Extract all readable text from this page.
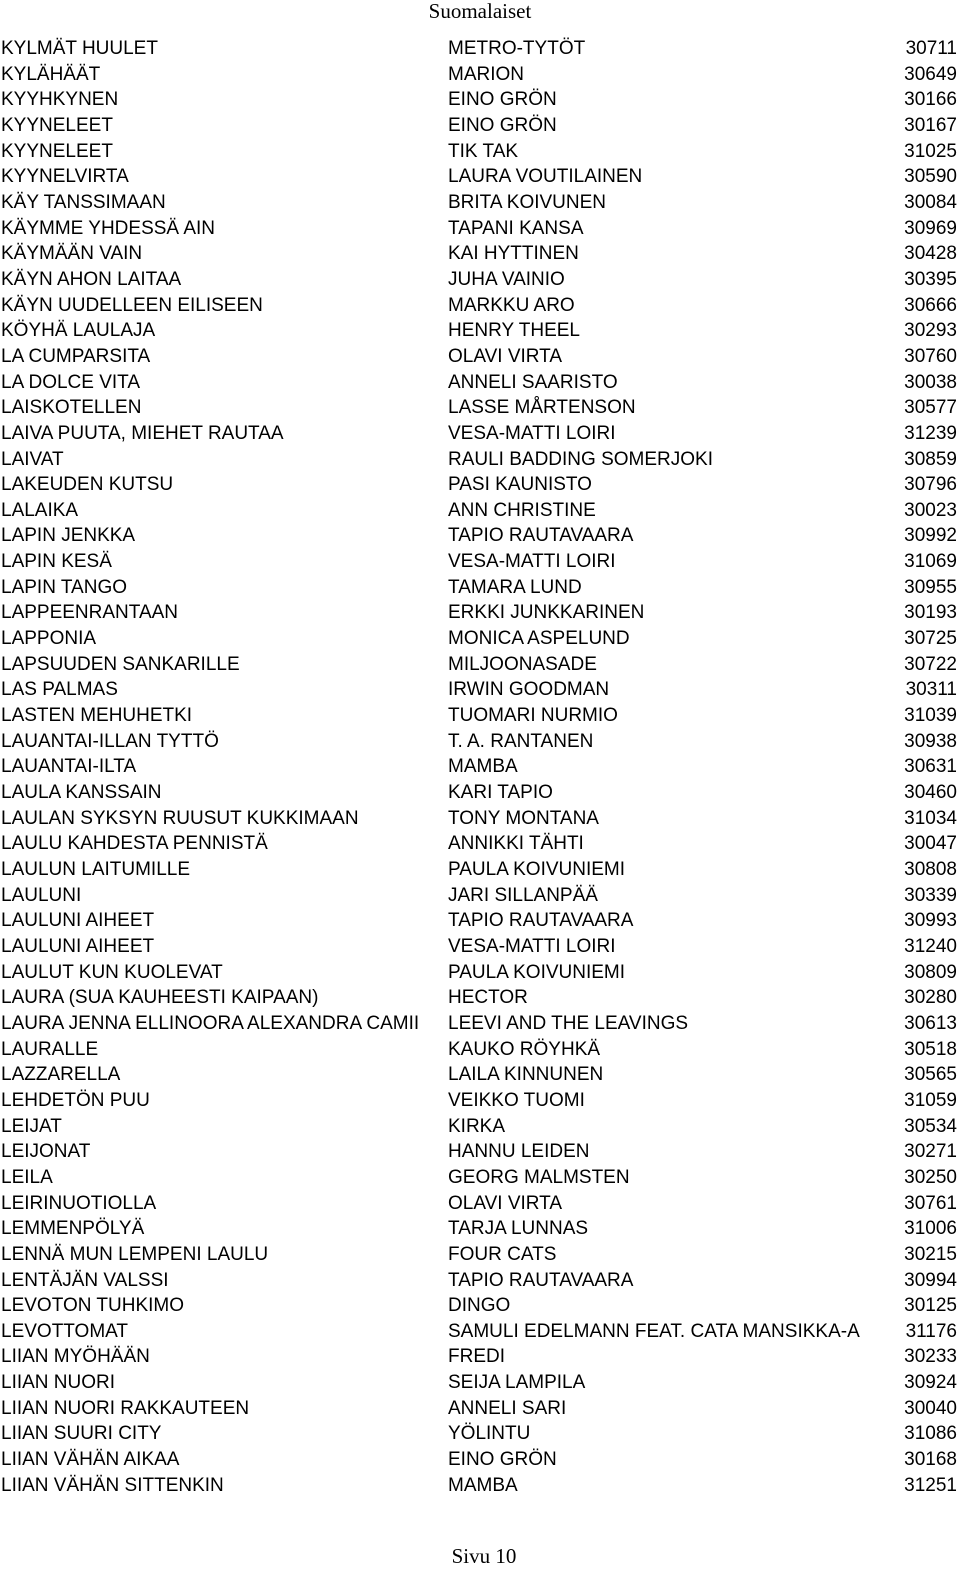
Suomalaiset
KYLMÄT HUULET	METRO-TYTÖT	30711
KYLÄHÄÄT	MARION	30649
KYYHKYNEN	EINO GRÖN	30166
KYYNELEET	EINO GRÖN	30167
KYYNELEET	TIK TAK	31025
KYYNELVIRTA	LAURA VOUTILAINEN	30590
KÄY TANSSIMAAN	BRITA KOIVUNEN	30084
KÄYMME YHDESSÄ AIN	TAPANI KANSA	30969
KÄYMÄÄN VAIN	KAI HYTTINEN	30428
KÄYN AHON LAITAA	JUHA VAINIO	30395
KÄYN UUDELLEEN EILISEEN	MARKKU ARO	30666
KÖYHÄ LAULAJA	HENRY THEEL	30293
LA CUMPARSITA	OLAVI VIRTA	30760
LA DOLCE VITA	ANNELI SAARISTO	30038
LAISKOTELLEN	LASSE MÅRTENSON	30577
LAIVA PUUTA, MIEHET RAUTAA	VESA-MATTI LOIRI	31239
LAIVAT	RAULI BADDING SOMERJOKI	30859
LAKEUDEN KUTSU	PASI KAUNISTO	30796
LALAIKA	ANN CHRISTINE	30023
LAPIN JENKKA	TAPIO RAUTAVAARA	30992
LAPIN KESÄ	VESA-MATTI LOIRI	31069
LAPIN TANGO	TAMARA LUND	30955
LAPPEENRANTAAN	ERKKI JUNKKARINEN	30193
LAPPONIA	MONICA ASPELUND	30725
LAPSUUDEN SANKARILLE	MILJOONASADE	30722
LAS PALMAS	IRWIN GOODMAN	30311
LASTEN MEHUHETKI	TUOMARI NURMIO	31039
LAUANTAI-ILLAN TYTTÖ	T. A. RANTANEN	30938
LAUANTAI-ILTA	MAMBA	30631
LAULA KANSSAIN	KARI TAPIO	30460
LAULAN SYKSYN RUUSUT KUKKIMAAN	TONY MONTANA	31034
LAULU KAHDESTA PENNISTÄ	ANNIKKI TÄHTI	30047
LAULUN LAITUMILLE	PAULA KOIVUNIEMI	30808
LAULUNI	JARI SILLANPÄÄ	30339
LAULUNI AIHEET	TAPIO RAUTAVAARA	30993
LAULUNI AIHEET	VESA-MATTI LOIRI	31240
LAULUT KUN KUOLEVAT	PAULA KOIVUNIEMI	30809
LAURA (SUA KAUHEESTI KAIPAAN)	HECTOR	30280
LAURA JENNA ELLINOORA ALEXANDRA CAMII	LEEVI AND THE LEAVINGS	30613
LAURALLE	KAUKO RÖYHKÄ	30518
LAZZARELLA	LAILA KINNUNEN	30565
LEHDETÖN PUU	VEIKKO TUOMI	31059
LEIJAT	KIRKA	30534
LEIJONAT	HANNU LEIDEN	30271
LEILA	GEORG MALMSTEN	30250
LEIRINUOTIOLLA	OLAVI VIRTA	30761
LEMMENPÖLYÄ	TARJA LUNNAS	31006
LENNÄ MUN LEMPENI LAULU	FOUR CATS	30215
LENTÄJÄN VALSSI	TAPIO RAUTAVAARA	30994
LEVOTON TUHKIMO	DINGO	30125
LEVOTTOMAT	SAMULI EDELMANN FEAT. CATA MANSIKKA-A	31176
LIIAN MYÖHÄÄN	FREDI	30233
LIIAN NUORI	SEIJA LAMPILA	30924
LIIAN NUORI RAKKAUTEEN	ANNELI SARI	30040
LIIAN SUURI CITY	YÖLINTU	31086
LIIAN VÄHÄN AIKAA	EINO GRÖN	30168
LIIAN VÄHÄN SITTENKIN	MAMBA	31251
Sivu 10
